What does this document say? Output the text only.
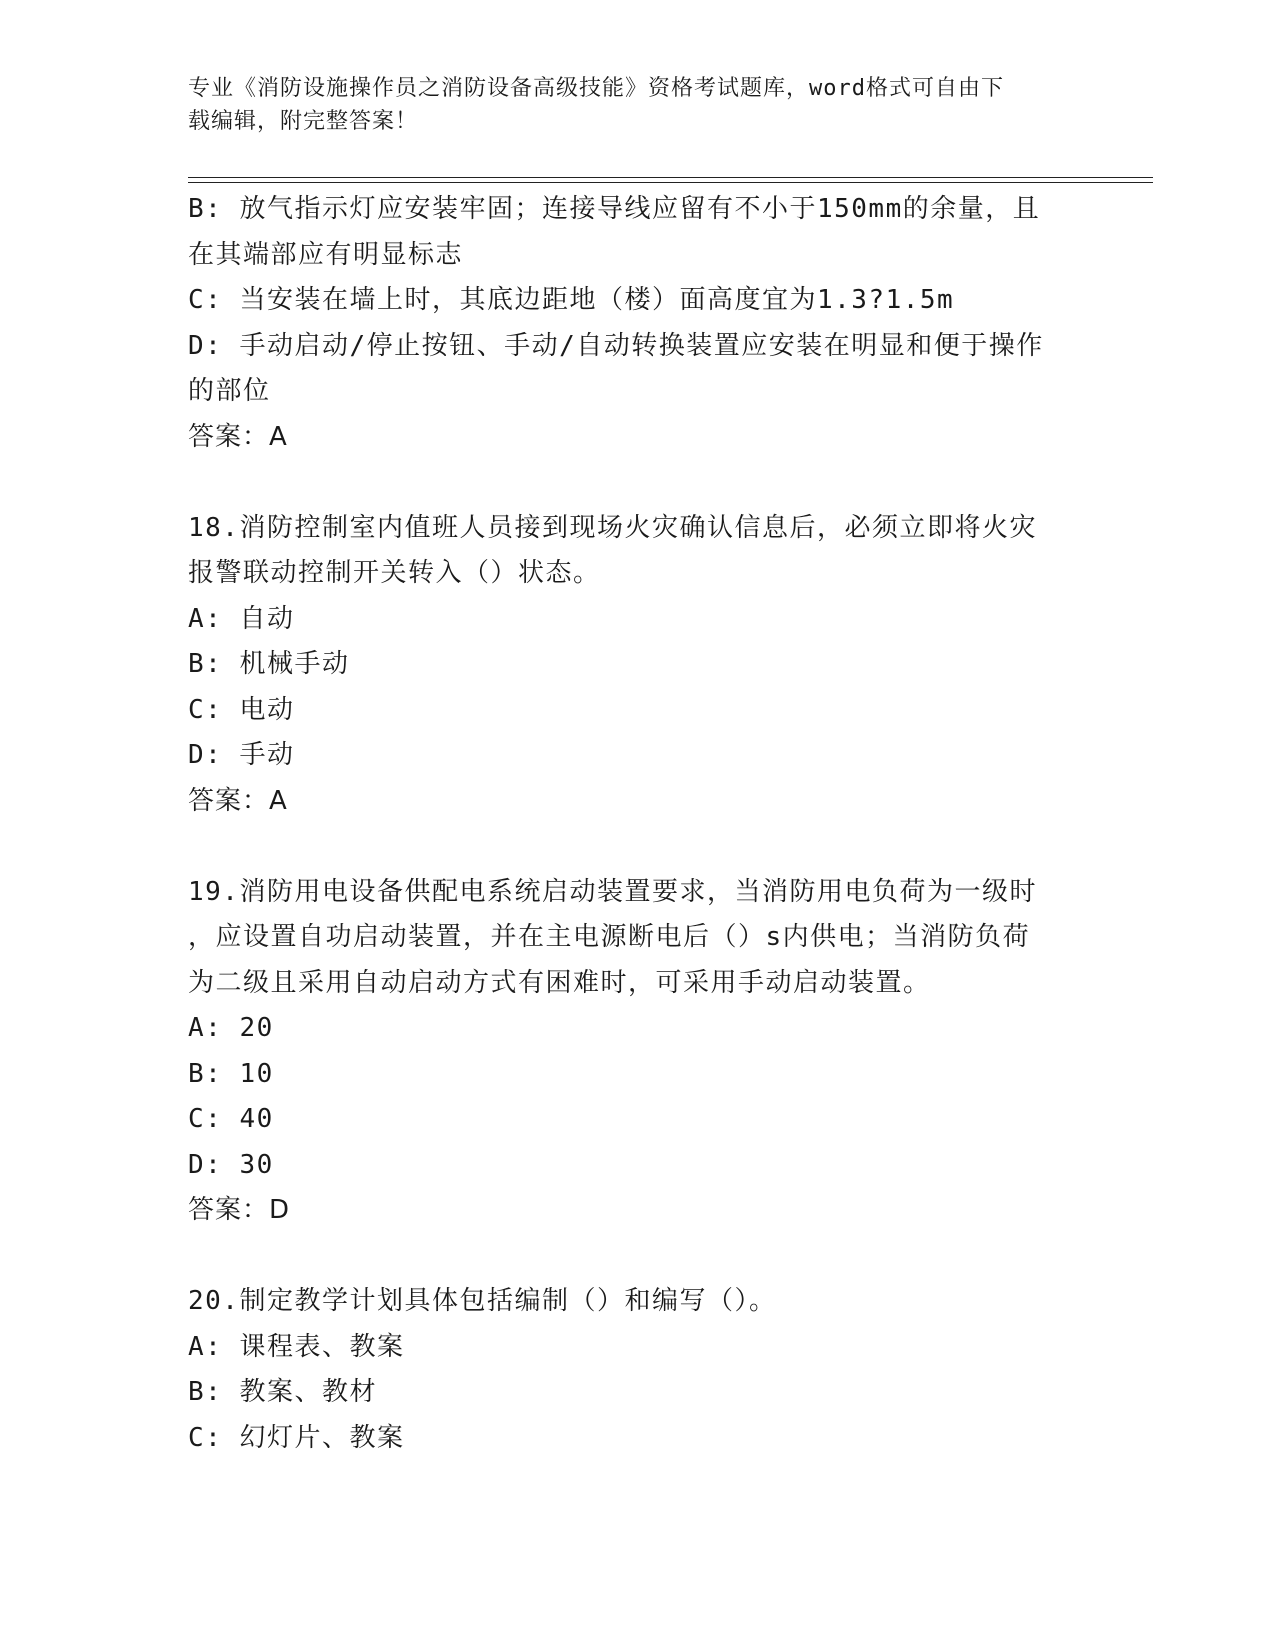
专业《消防设施操作员之消防设备高级技能》资格考试题库，word格式可自由下
载编辑，附完整答案！
B: 放气指示灯应安装牢固；连接导线应留有不小于150mm的余量，且
在其端部应有明显标志
C: 当安装在墙上时，其底边距地（楼）面高度宜为1.3?1.5m
D: 手动启动/停止按钮、手动/自动转换装置应安装在明显和便于操作
的部位
答案：A
18.消防控制室内值班人员接到现场火灾确认信息后，必须立即将火灾
报警联动控制开关转入（）状态。
A: 自动
B: 机械手动
C: 电动
D: 手动
答案：A
19.消防用电设备供配电系统启动装置要求，当消防用电负荷为一级时
，应设置自功启动装置，并在主电源断电后（）s内供电；当消防负荷
为二级且采用自动启动方式有困难时，可采用手动启动装置。
A: 20
B: 10
C: 40
D: 30
答案：D
20.制定教学计划具体包括编制（）和编写（）。
A: 课程表、教案
B: 教案、教材
C: 幻灯片、教案
